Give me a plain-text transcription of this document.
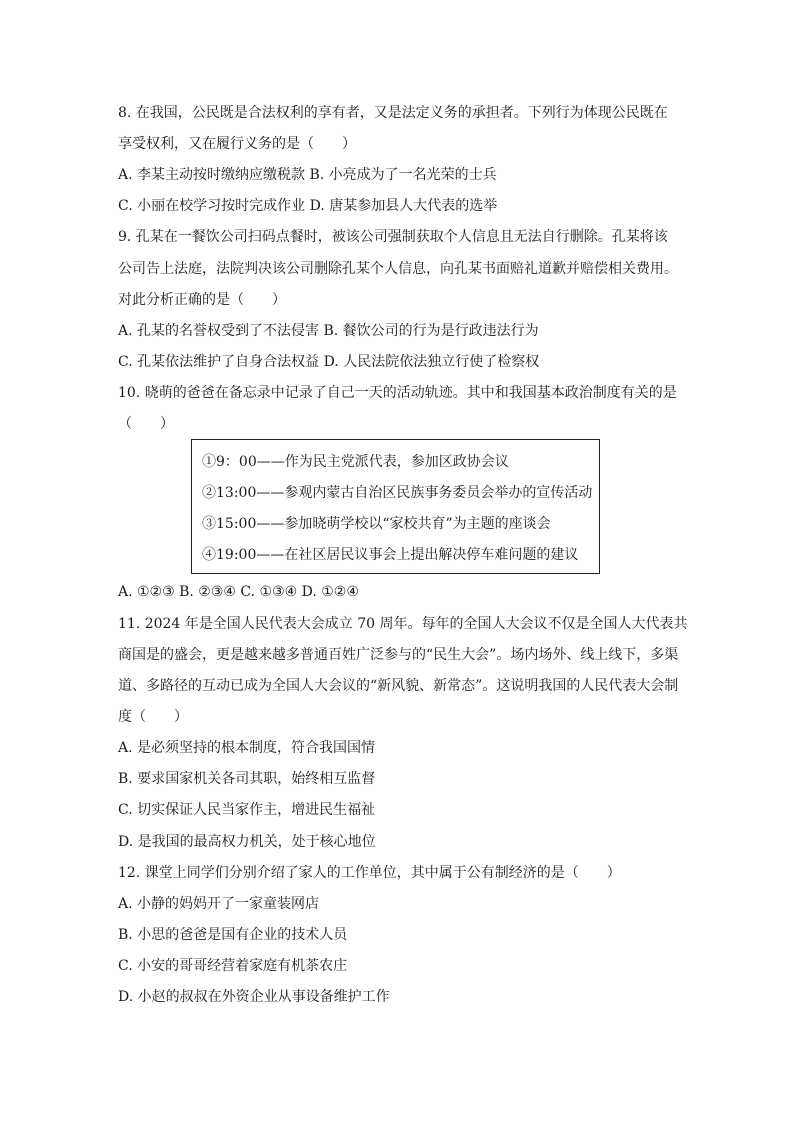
8. 在我国，公民既是合法权利的享有者，又是法定义务的承担者。下列行为体现公民既在
享受权利，又在履行义务的是（　　）
A. 李某主动按时缴纳应缴税款 B. 小亮成为了一名光荣的士兵
C. 小丽在校学习按时完成作业 D. 唐某参加县人大代表的选举
9. 孔某在一餐饮公司扫码点餐时，被该公司强制获取个人信息且无法自行删除。孔某将该
公司告上法庭，法院判决该公司删除孔某个人信息，向孔某书面赔礼道歉并赔偿相关费用。
对此分析正确的是（　　）
A. 孔某的名誉权受到了不法侵害 B. 餐饮公司的行为是行政违法行为
C. 孔某依法维护了自身合法权益 D. 人民法院依法独立行使了检察权
10. 晓萌的爸爸在备忘录中记录了自己一天的活动轨迹。其中和我国基本政治制度有关的是
（　　）
①9：00——作为民主党派代表，参加区政协会议
②13:00——参观内蒙古自治区民族事务委员会举办的宣传活动
③15:00——参加晓萌学校以“家校共育”为主题的座谈会
④19:00——在社区居民议事会上提出解决停车难问题的建议
A. ①②③ B. ②③④ C. ①③④ D. ①②④
11. 2024 年是全国人民代表大会成立 70 周年。每年的全国人大会议不仅是全国人大代表共
商国是的盛会，更是越来越多普通百姓广泛参与的“民生大会”。场内场外、线上线下，多渠
道、多路径的互动已成为全国人大会议的“新风貌、新常态”。这说明我国的人民代表大会制
度（　　）
A. 是必须坚持的根本制度，符合我国国情
B. 要求国家机关各司其职，始终相互监督
C. 切实保证人民当家作主，增进民生福祉
D. 是我国的最高权力机关，处于核心地位
12. 课堂上同学们分别介绍了家人的工作单位，其中属于公有制经济的是（　　）
A. 小静的妈妈开了一家童装网店
B. 小思的爸爸是国有企业的技术人员
C. 小安的哥哥经营着家庭有机茶农庄
D. 小赵的叔叔在外资企业从事设备维护工作
